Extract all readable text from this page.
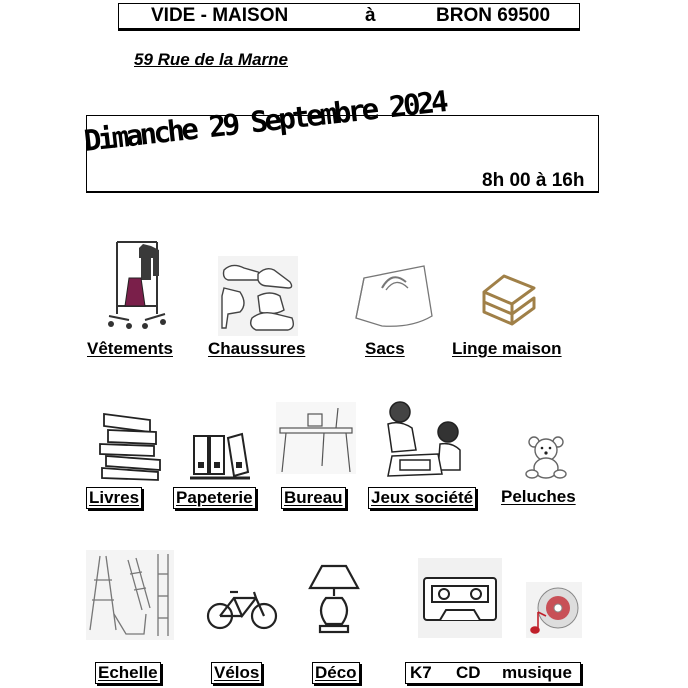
VIDE - MAISON	à	BRON 69500
59 Rue de la Marne
Dimanche 29 Septembre 2024
8h 00 à 16h
Vêtements Chaussures	Sacs	Linge maison
Livres Papeterie Bureau Jeux société Peluches
Echelle	Vélos	Déco	K7 CD musique
